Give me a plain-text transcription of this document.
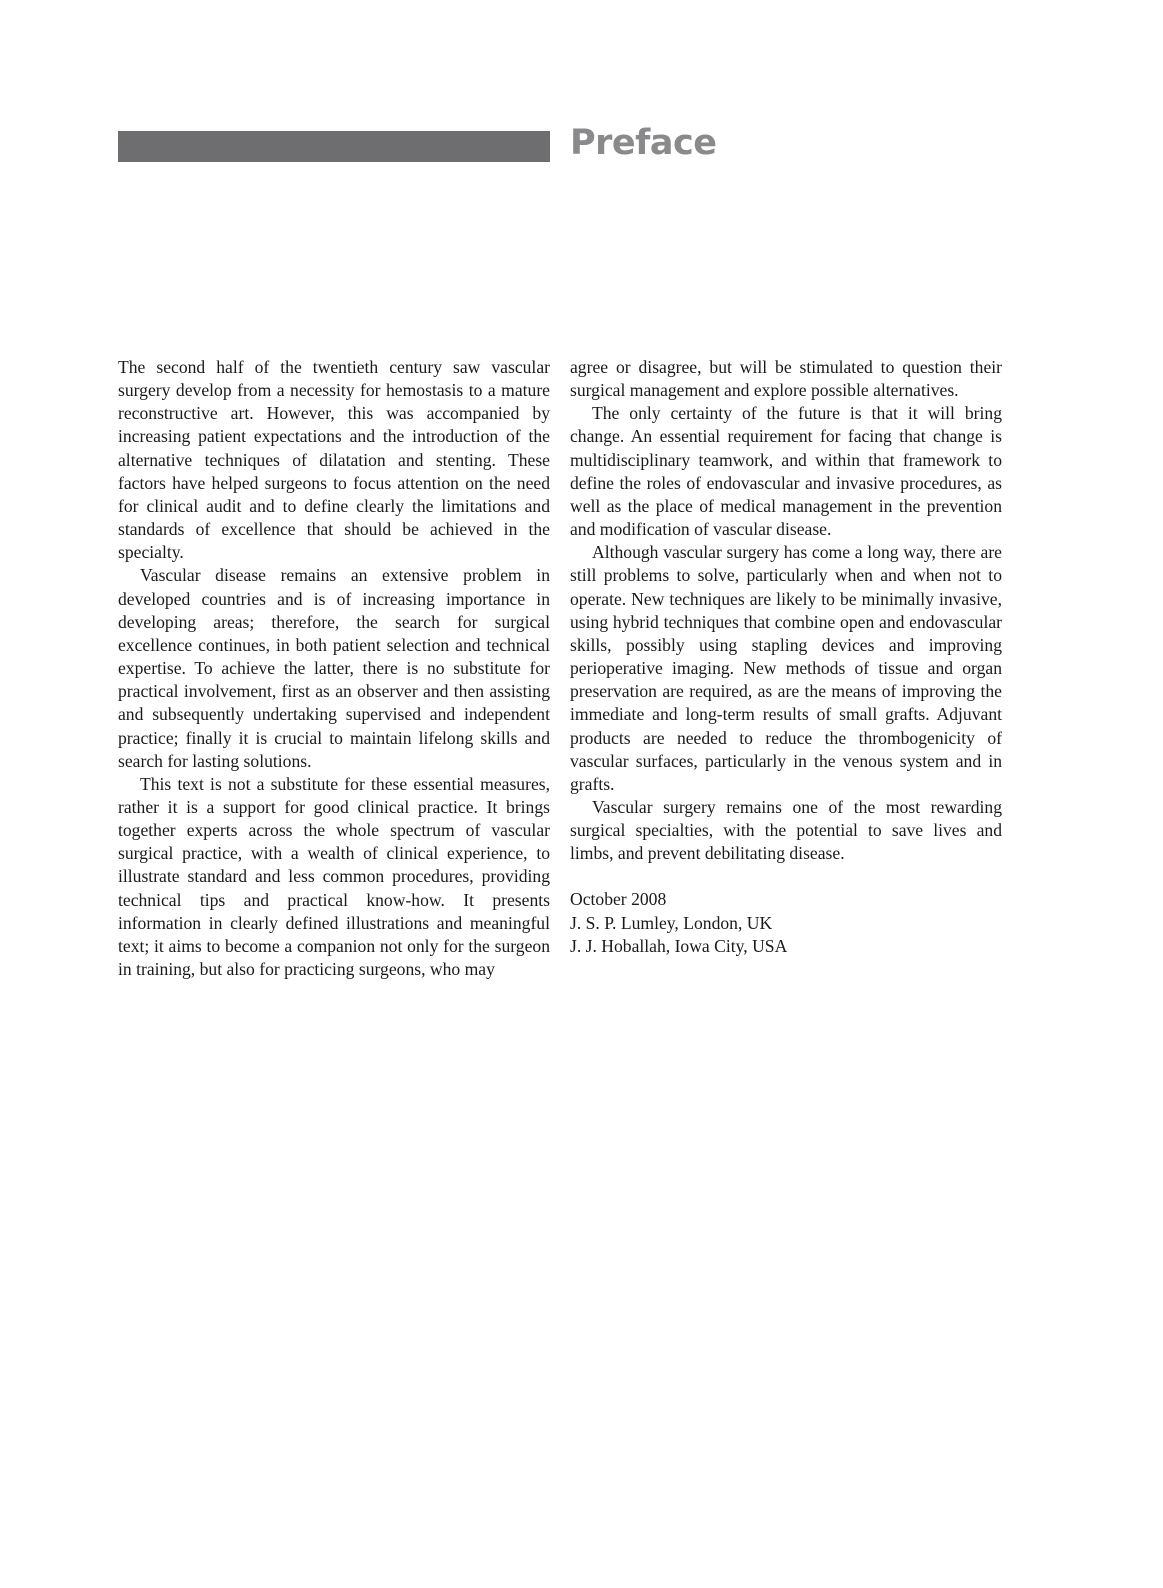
Preface

The second half of the twentieth century saw vascular surgery develop from a necessity for hemostasis to a mature reconstructive art. However, this was accompanied by increasing patient expectations and the introduction of the alternative techniques of dilatation and stenting. These factors have helped surgeons to focus attention on the need for clinical audit and to define clearly the limitations and standards of excellence that should be achieved in the specialty.

Vascular disease remains an extensive problem in developed countries and is of increasing importance in developing areas; therefore, the search for surgical excellence continues, in both patient selection and technical expertise. To achieve the latter, there is no substitute for practical involvement, first as an observer and then assisting and subsequently undertaking supervised and independent practice; finally it is crucial to maintain lifelong skills and search for lasting solutions.

This text is not a substitute for these essential measures, rather it is a support for good clinical practice. It brings together experts across the whole spectrum of vascular surgical practice, with a wealth of clinical experience, to illustrate standard and less common procedures, providing technical tips and practical know-how. It presents information in clearly defined illustrations and meaningful text; it aims to become a companion not only for the surgeon in training, but also for practicing surgeons, who may

agree or disagree, but will be stimulated to question their surgical management and explore possible alternatives.

The only certainty of the future is that it will bring change. An essential requirement for facing that change is multidisciplinary teamwork, and within that framework to define the roles of endovascular and invasive procedures, as well as the place of medical management in the prevention and modification of vascular disease.

Although vascular surgery has come a long way, there are still problems to solve, particularly when and when not to operate. New techniques are likely to be minimally invasive, using hybrid techniques that combine open and endovascular skills, possibly using stapling devices and improving perioperative imaging. New methods of tissue and organ preservation are required, as are the means of improving the immediate and long-term results of small grafts. Adjuvant products are needed to reduce the thrombogenicity of vascular surfaces, particularly in the venous system and in grafts.

Vascular surgery remains one of the most rewarding surgical specialties, with the potential to save lives and limbs, and prevent debilitating disease.

October 2008
J. S. P. Lumley, London, UK
J. J. Hoballah, Iowa City, USA
